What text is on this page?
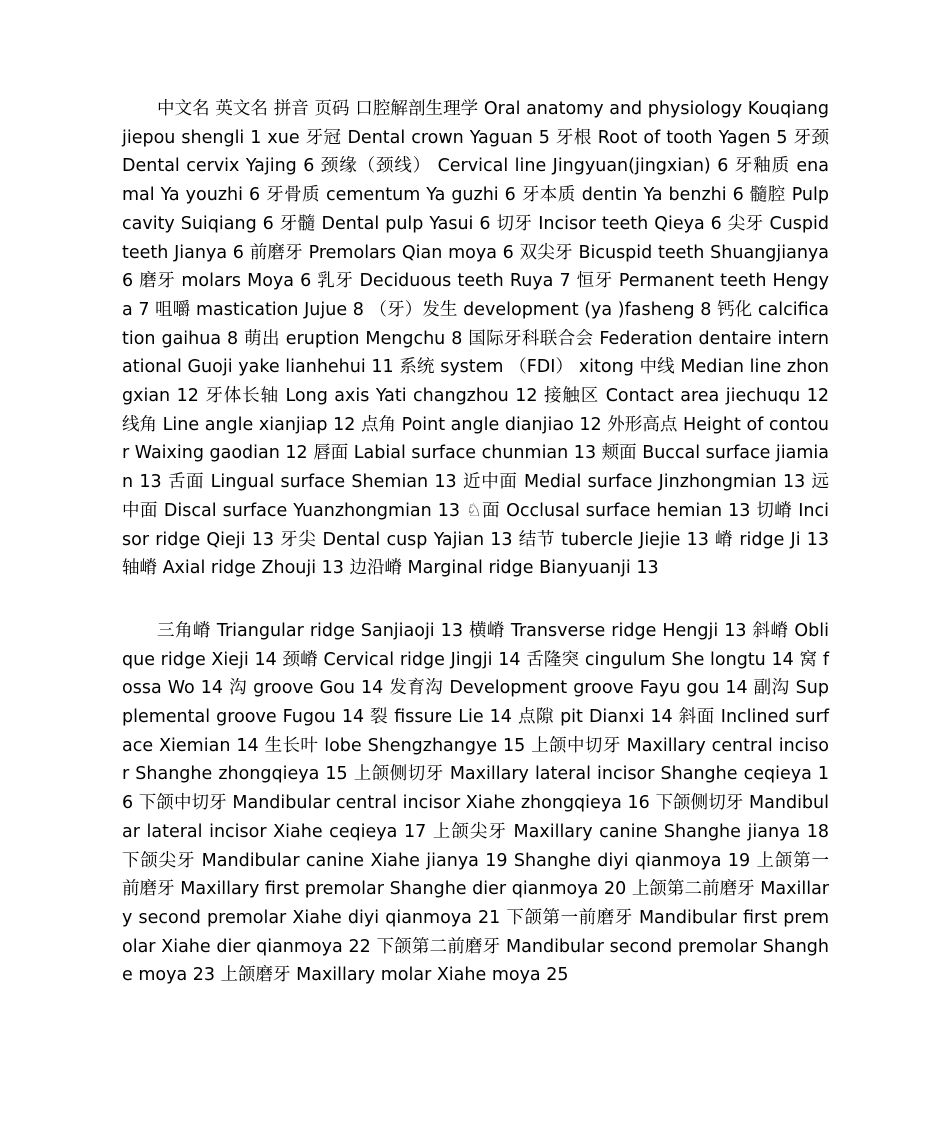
中文名 英文名 拼音 页码 口腔解剖生理学 Oral anatomy and physiology Kouqiang jiepou shengli 1 xue 牙冠 Dental crown Yaguan 5 牙根 Root of tooth Yagen 5 牙颈 Dental cervix Yajing 6 颈缘（颈线） Cervical line Jingyuan(jingxian) 6 牙釉质 enamal Ya youzhi 6 牙骨质 cementum Ya guzhi 6 牙本质 dentin Ya benzhi 6 髓腔 Pulp cavity Suiqiang 6 牙髓 Dental pulp Yasui 6 切牙 Incisor teeth Qieya 6 尖牙 Cuspid teeth Jianya 6 前磨牙 Premolars Qian moya 6 双尖牙 Bicuspid teeth Shuangjianya 6 磨牙 molars Moya 6 乳牙 Deciduous teeth Ruya 7 恒牙 Permanent teeth Hengya 7 咀嚼 mastication Jujue 8 （牙）发生 development (ya )fasheng 8 钙化 calcification gaihua 8 萌出 eruption Mengchu 8 国际牙科联合会 Federation dentaire international Guoji yake lianhehui 11 系统 system （FDI） xitong 中线 Median line zhongxian 12 牙体长轴 Long axis Yati changzhou 12 接触区 Contact area jiechuqu 12 线角 Line angle xianjiap 12 点角 Point angle dianjiao 12 外形高点 Height of contour Waixing gaodian 12 唇面 Labial surface chunmian 13 颊面 Buccal surface jiamian 13 舌面 Lingual surface Shemian 13 近中面 Medial surface Jinzhongmian 13 远中面 Discal surface Yuanzhongmian 13 ♘面 Occlusal surface hemian 13 切嵴 Incisor ridge Qieji 13 牙尖 Dental cusp Yajian 13 结节 tubercle Jiejie 13 嵴 ridge Ji 13 轴嵴 Axial ridge Zhouji 13 边沿嵴 Marginal ridge Bianyuanji 13

三角嵴 Triangular ridge Sanjiaoji 13 横嵴 Transverse ridge Hengji 13 斜嵴 Oblique ridge Xieji 14 颈嵴 Cervical ridge Jingji 14 舌隆突 cingulum She longtu 14 窝 fossa Wo 14 沟 groove Gou 14 发育沟 Development groove Fayu gou 14 副沟 Supplemental groove Fugou 14 裂 fissure Lie 14 点隙 pit Dianxi 14 斜面 Inclined surface Xiemian 14 生长叶 lobe Shengzhangye 15 上颌中切牙 Maxillary central incisor Shanghe zhongqieya 15 上颌侧切牙 Maxillary lateral incisor Shanghe ceqieya 16 下颌中切牙 Mandibular central incisor Xiahe zhongqieya 16 下颌侧切牙 Mandibular lateral incisor Xiahe ceqieya 17 上颌尖牙 Maxillary canine Shanghe jianya 18 下颌尖牙 Mandibular canine Xiahe jianya 19 Shanghe diyi qianmoya 19 上颌第一前磨牙 Maxillary first premolar Shanghe dier qianmoya 20 上颌第二前磨牙 Maxillary second premolar Xiahe diyi qianmoya 21 下颌第一前磨牙 Mandibular first premolar Xiahe dier qianmoya 22 下颌第二前磨牙 Mandibular second premolar Shanghe moya 23 上颌磨牙 Maxillary molar Xiahe moya 25
